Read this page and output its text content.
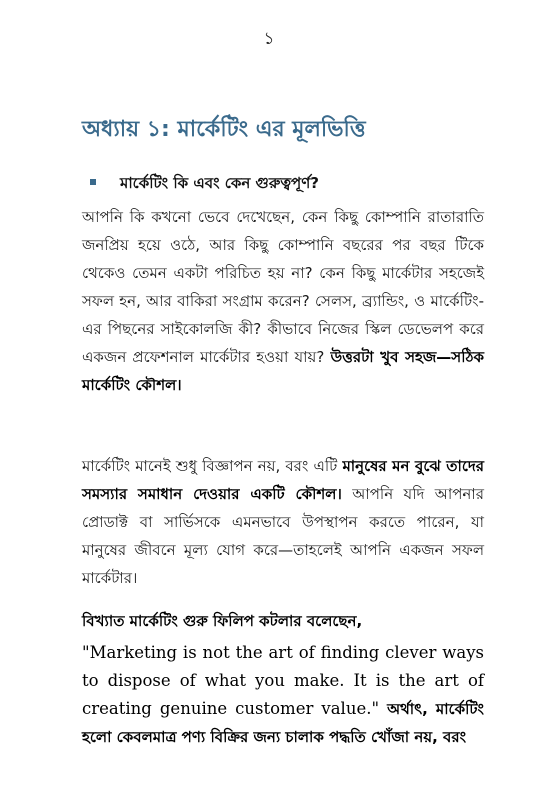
১
অধ্যায় ১: মার্কেটিং এর মূলভিত্তি
মার্কেটিং কি এবং কেন গুরুত্বপূর্ণ?
আপনি কি কখনো ভেবে দেখেছেন, কেন কিছু কোম্পানি রাতারাতি জনপ্রিয় হয়ে ওঠে, আর কিছু কোম্পানি বছরের পর বছর টিকে থেকেও তেমন একটা পরিচিত হয় না? কেন কিছু মার্কেটার সহজেই সফল হন, আর বাকিরা সংগ্রাম করেন? সেলস, ব্র্যান্ডিং, ও মার্কেটিং-এর পিছনের সাইকোলজি কী? কীভাবে নিজের স্কিল ডেভেলপ করে একজন প্রফেশনাল মার্কেটার হওয়া যায়? উত্তরটা খুব সহজ—সঠিক মার্কেটিং কৌশল।
মার্কেটিং মানেই শুধু বিজ্ঞাপন নয়, বরং এটি মানুষের মন বুঝে তাদের সমস্যার সমাধান দেওয়ার একটি কৌশল। আপনি যদি আপনার প্রোডাক্ট বা সার্ভিসকে এমনভাবে উপস্থাপন করতে পারেন, যা মানুষের জীবনে মূল্য যোগ করে—তাহলেই আপনি একজন সফল মার্কেটার।
বিখ্যাত মার্কেটিং গুরু ফিলিপ কটলার বলেছেন,
"Marketing is not the art of finding clever ways to dispose of what you make. It is the art of creating genuine customer value." অর্থাৎ, মার্কেটিং হলো কেবলমাত্র পণ্য বিক্রির জন্য চালাক পদ্ধতি খোঁজা নয়, বরং
